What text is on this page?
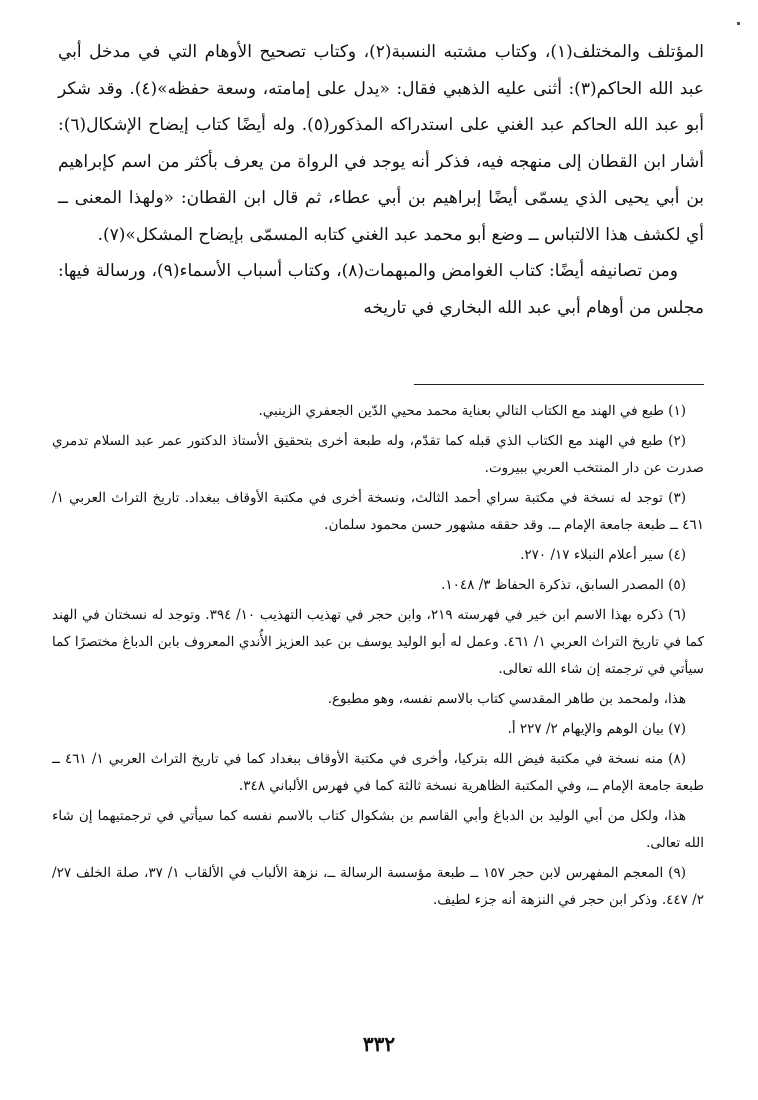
المؤتلف والمختلف(١)، وكتاب مشتبه النسبة(٢)، وكتاب تصحيح الأوهام التي في مدخل أبي عبد الله الحاكم(٣): أثنى عليه الذهبي فقال: «يدل على إمامته، وسعة حفظه»(٤). وقد شكر أبو عبد الله الحاكم عبد الغني على استدراكه المذكور(٥). وله أيضًا كتاب إيضاح الإشكال(٦): أشار ابن القطان إلى منهجه فيه، فذكر أنه يوجد في الرواة من يعرف بأكثر من اسم كإبراهيم بن أبي يحيى الذي يسمّى أيضًا إبراهيم بن أبي عطاء، ثم قال ابن القطان: «ولهذا المعنى ــ أي لكشف هذا الالتباس ــ وضع أبو محمد عبد الغني كتابه المسمّى بإيضاح المشكل»(٧).

ومن تصانيفه أيضًا: كتاب الغوامض والمبهمات(٨)، وكتاب أسباب الأسماء(٩)، ورسالة فيها: مجلس من أوهام أبي عبد الله البخاري في تاريخه

(١) طبع في الهند مع الكتاب التالي بعناية محمد محيي الدّين الجعفري الزينبي.

(٢) طبع في الهند مع الكتاب الذي قبله كما تقدّم، وله طبعة أخرى بتحقيق الأستاذ الدكتور عمر عبد السلام تدمري صدرت عن دار المنتخب العربي ببيروت.

(٣) توجد له نسخة في مكتبة سراي أحمد الثالث، ونسخة أخرى في مكتبة الأوقاف ببغداد. تاريخ التراث العربي ١/ ٤٦١ ــ طبعة جامعة الإمام ــ. وقد حققه مشهور حسن محمود سلمان.

(٤) سير أعلام النبلاء ١٧/ ٢٧٠.

(٥) المصدر السابق، تذكرة الحفاظ ٣/ ١٠٤٨.

(٦) ذكره بهذا الاسم ابن خير في فهرسته ٢١٩، وابن حجر في تهذيب التهذيب ١٠/ ٣٩٤. وتوجد له نسختان في الهند كما في تاريخ التراث العربي ١/ ٤٦١. وعمل له أبو الوليد يوسف بن عبد العزيز الأُندي المعروف بابن الدباغ مختصرًا كما سيأتي في ترجمته إن شاء الله تعالى.

هذا، ولمحمد بن طاهر المقدسي كتاب بالاسم نفسه، وهو مطبوع.

(٧) بيان الوهم والإيهام ٢/ ٢٢٧ أ.

(٨) منه نسخة في مكتبة فيض الله بتركيا، وأخرى في مكتبة الأوقاف ببغداد كما في تاريخ التراث العربي ١/ ٤٦١ ــ طبعة جامعة الإمام ــ، وفي المكتبة الظاهرية نسخة ثالثة كما في فهرس الألباني ٣٤٨.

هذا، ولكل من أبي الوليد بن الدباغ وأبي القاسم بن بشكوال كتاب بالاسم نفسه كما سيأتي في ترجمتيهما إن شاء الله تعالى.

(٩) المعجم المفهرس لابن حجر ١٥٧ ــ طبعة مؤسسة الرسالة ــ، نزهة الألباب في الألقاب ١/ ٣٧، صلة الخلف ٢٧/ ٢/ ٤٤٧. وذكر ابن حجر في النزهة أنه جزء لطيف.

٣٣٢
